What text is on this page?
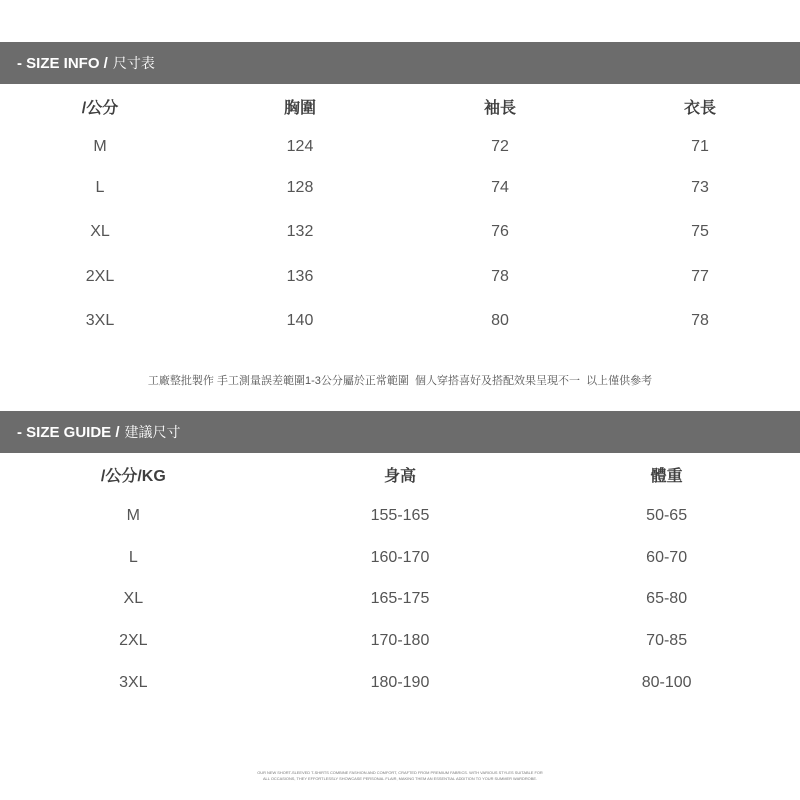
- SIZE INFO / 尺寸表
/公分	胸圍	袖長	衣長
M	124	72	71
L	128	74	73
XL	132	76	75
2XL	136	78	77
3XL	140	80	78
工廠整批製作 手工測量誤差範圍1-3公分屬於正常範圍  個人穿搭喜好及搭配效果呈現不一  以上僅供參考
- SIZE GUIDE / 建議尺寸
/公分/KG	身高	體重
M	155-165	50-65
L	160-170	60-70
XL	165-175	65-80
2XL	170-180	70-85
3XL	180-190	80-100
OUR NEW SHORT-SLEEVED T-SHIRTS COMBINE FASHION AND COMFORT, CRAFTED FROM PREMIUM FABRICS. WITH VARIOUS STYLES SUITABLE FOR
ALL OCCASIONS, THEY EFFORTLESSLY SHOWCASE PERSONAL FLAIR, MAKING THEM AN ESSENTIAL ADDITION TO YOUR SUMMER WARDROBE.
